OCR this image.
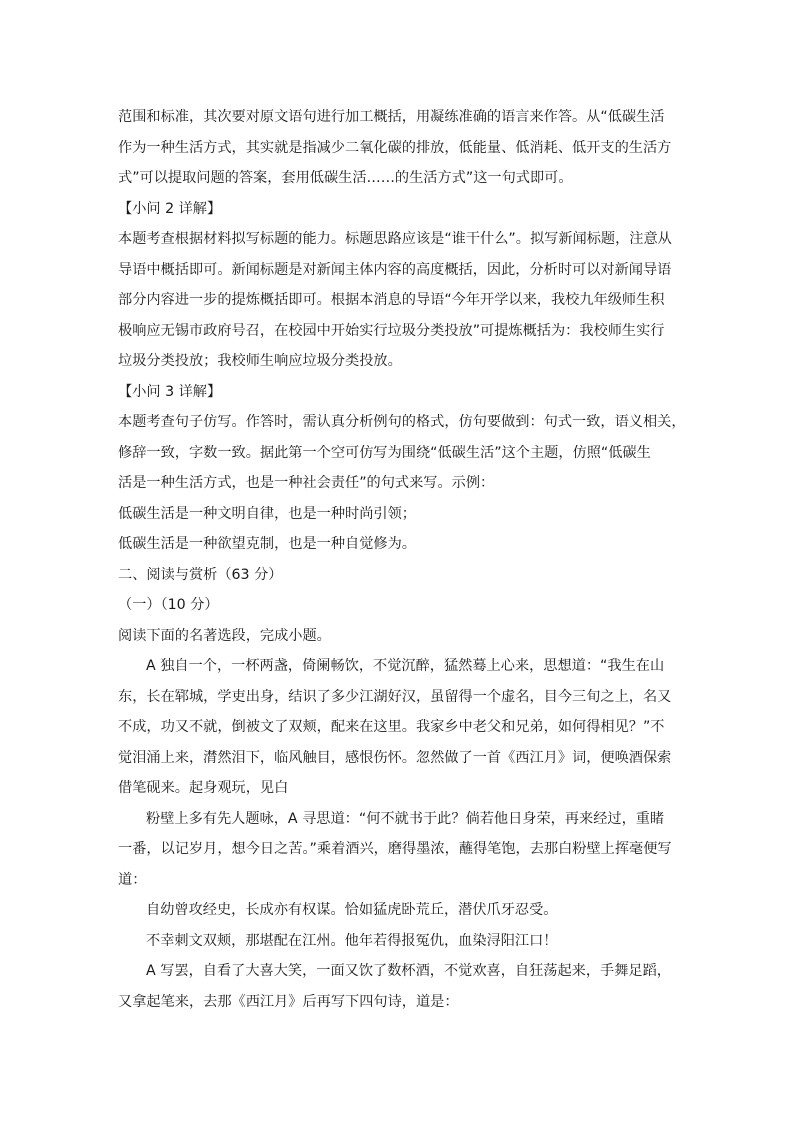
范围和标准，其次要对原文语句进行加工概括，用凝练准确的语言来作答。从“低碳生活
作为一种生活方式，其实就是指减少二氧化碳的排放，低能量、低消耗、低开支的生活方
式”可以提取问题的答案，套用低碳生活……的生活方式”这一句式即可。
【小问 2 详解】
本题考查根据材料拟写标题的能力。标题思路应该是“谁干什么”。拟写新闻标题，注意从
导语中概括即可。新闻标题是对新闻主体内容的高度概括，因此，分析时可以对新闻导语
部分内容进一步的提炼概括即可。根据本消息的导语“今年开学以来，我校九年级师生积
极响应无锡市政府号召，在校园中开始实行垃圾分类投放”可提炼概括为：我校师生实行
垃圾分类投放；我校师生响应垃圾分类投放。
【小问 3 详解】
本题考查句子仿写。作答时，需认真分析例句的格式，仿句要做到：句式一致，语义相关，
修辞一致，字数一致。据此第一个空可仿写为围绕“低碳生活”这个主题，仿照“低碳生
活是一种生活方式，也是一种社会责任”的句式来写。示例：
低碳生活是一种文明自律，也是一种时尚引领；
低碳生活是一种欲望克制，也是一种自觉修为。
二、阅读与赏析（63 分）
（一）（10 分）
阅读下面的名著选段，完成小题。
A 独自一个，一杯两盏，倚阑畅饮，不觉沉醉，猛然蓦上心来，思想道：“我生在山
东，长在郓城，学吏出身，结识了多少江湖好汉，虽留得一个虚名，目今三旬之上，名又
不成，功又不就，倒被文了双颊，配来在这里。我家乡中老父和兄弟，如何得相见？”不
觉泪涌上来，潸然泪下，临风触目，感恨伤怀。忽然做了一首《西江月》词，便唤酒保索
借笔砚来。起身观玩，见白
粉壁上多有先人题咏，A 寻思道：“何不就书于此？倘若他日身荣，再来经过，重睹
一番，以记岁月，想今日之苦。”乘着酒兴，磨得墨浓，蘸得笔饱，去那白粉壁上挥毫便写
道：
自幼曾攻经史，长成亦有权谋。恰如猛虎卧荒丘，潜伏爪牙忍受。
不幸刺文双颊，那堪配在江州。他年若得报冤仇，血染浔阳江口！
A 写罢，自看了大喜大笑，一面又饮了数杯酒，不觉欢喜，自狂荡起来，手舞足蹈，
又拿起笔来，去那《西江月》后再写下四句诗，道是：
